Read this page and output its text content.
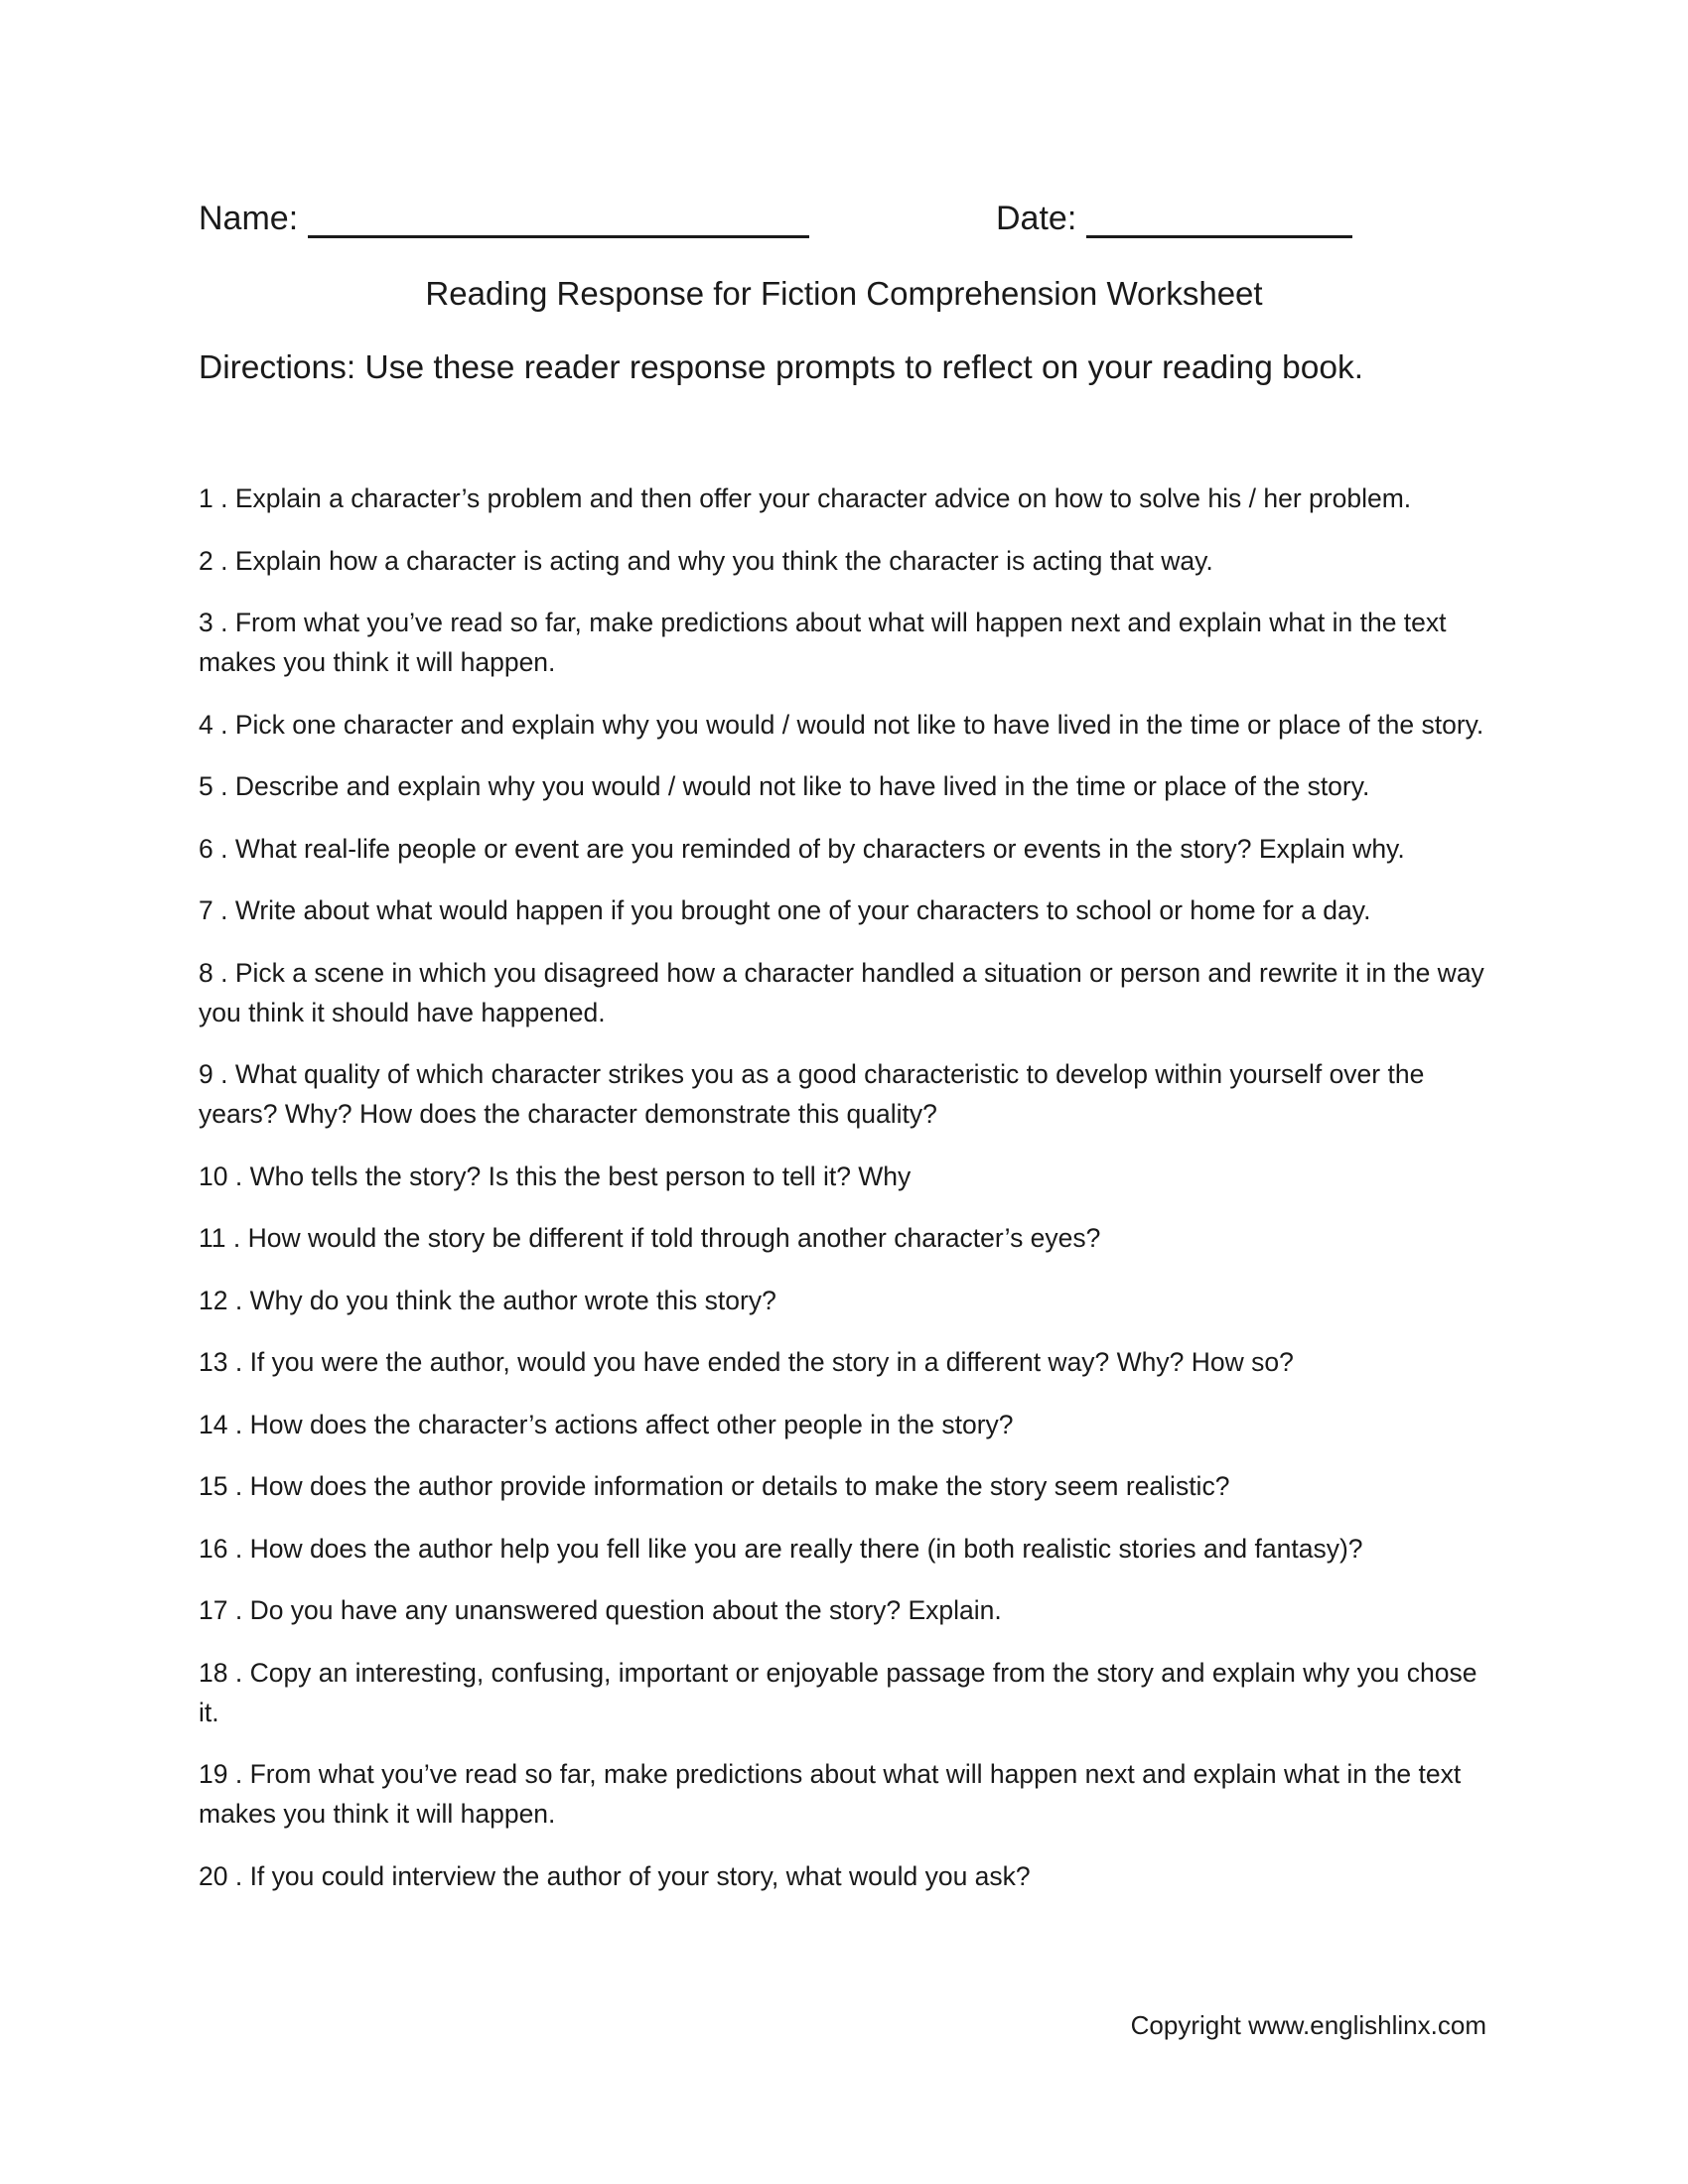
Name:	Date:
Reading Response for Fiction Comprehension Worksheet
Directions: Use these reader response prompts to reflect on your reading book.
1 . Explain a character’s problem and then offer your character advice on how to solve his / her problem.
2 . Explain how a character is acting and why you think the character is acting that way.
3 . From what you’ve read so far, make predictions about what will happen next and explain what in the text makes you think it will happen.
4 . Pick one character and explain why you would / would not like to have lived in the time or place of the story.
5 . Describe and explain why you would / would not like to have lived in the time or place of the story.
6 . What real-life people or event are you reminded of by characters or events in the story? Explain why.
7 . Write about what would happen if you brought one of your characters to school or home for a day.
8 . Pick a scene in which you disagreed how a character handled a situation or person and rewrite it in the way you think it should have happened.
9 . What quality of which character strikes you as a good characteristic to develop within yourself over the years? Why? How does the character demonstrate this quality?
10 . Who tells the story? Is this the best person to tell it? Why
11 . How would the story be different if told through another character’s eyes?
12 . Why do you think the author wrote this story?
13 . If you were the author, would you have ended the story in a different way? Why? How so?
14 . How does the character’s actions affect other people in the story?
15 . How does the author provide information or details to make the story seem realistic?
16 . How does the author help you fell like you are really there (in both realistic stories and fantasy)?
17 . Do you have any unanswered question about the story? Explain.
18 . Copy an interesting, confusing, important or enjoyable passage from the story and explain why you chose it.
19 . From what you’ve read so far, make predictions about what will happen next and explain what in the text makes you think it will happen.
20 . If you could interview the author of your story, what would you ask?
Copyright www.englishlinx.com
